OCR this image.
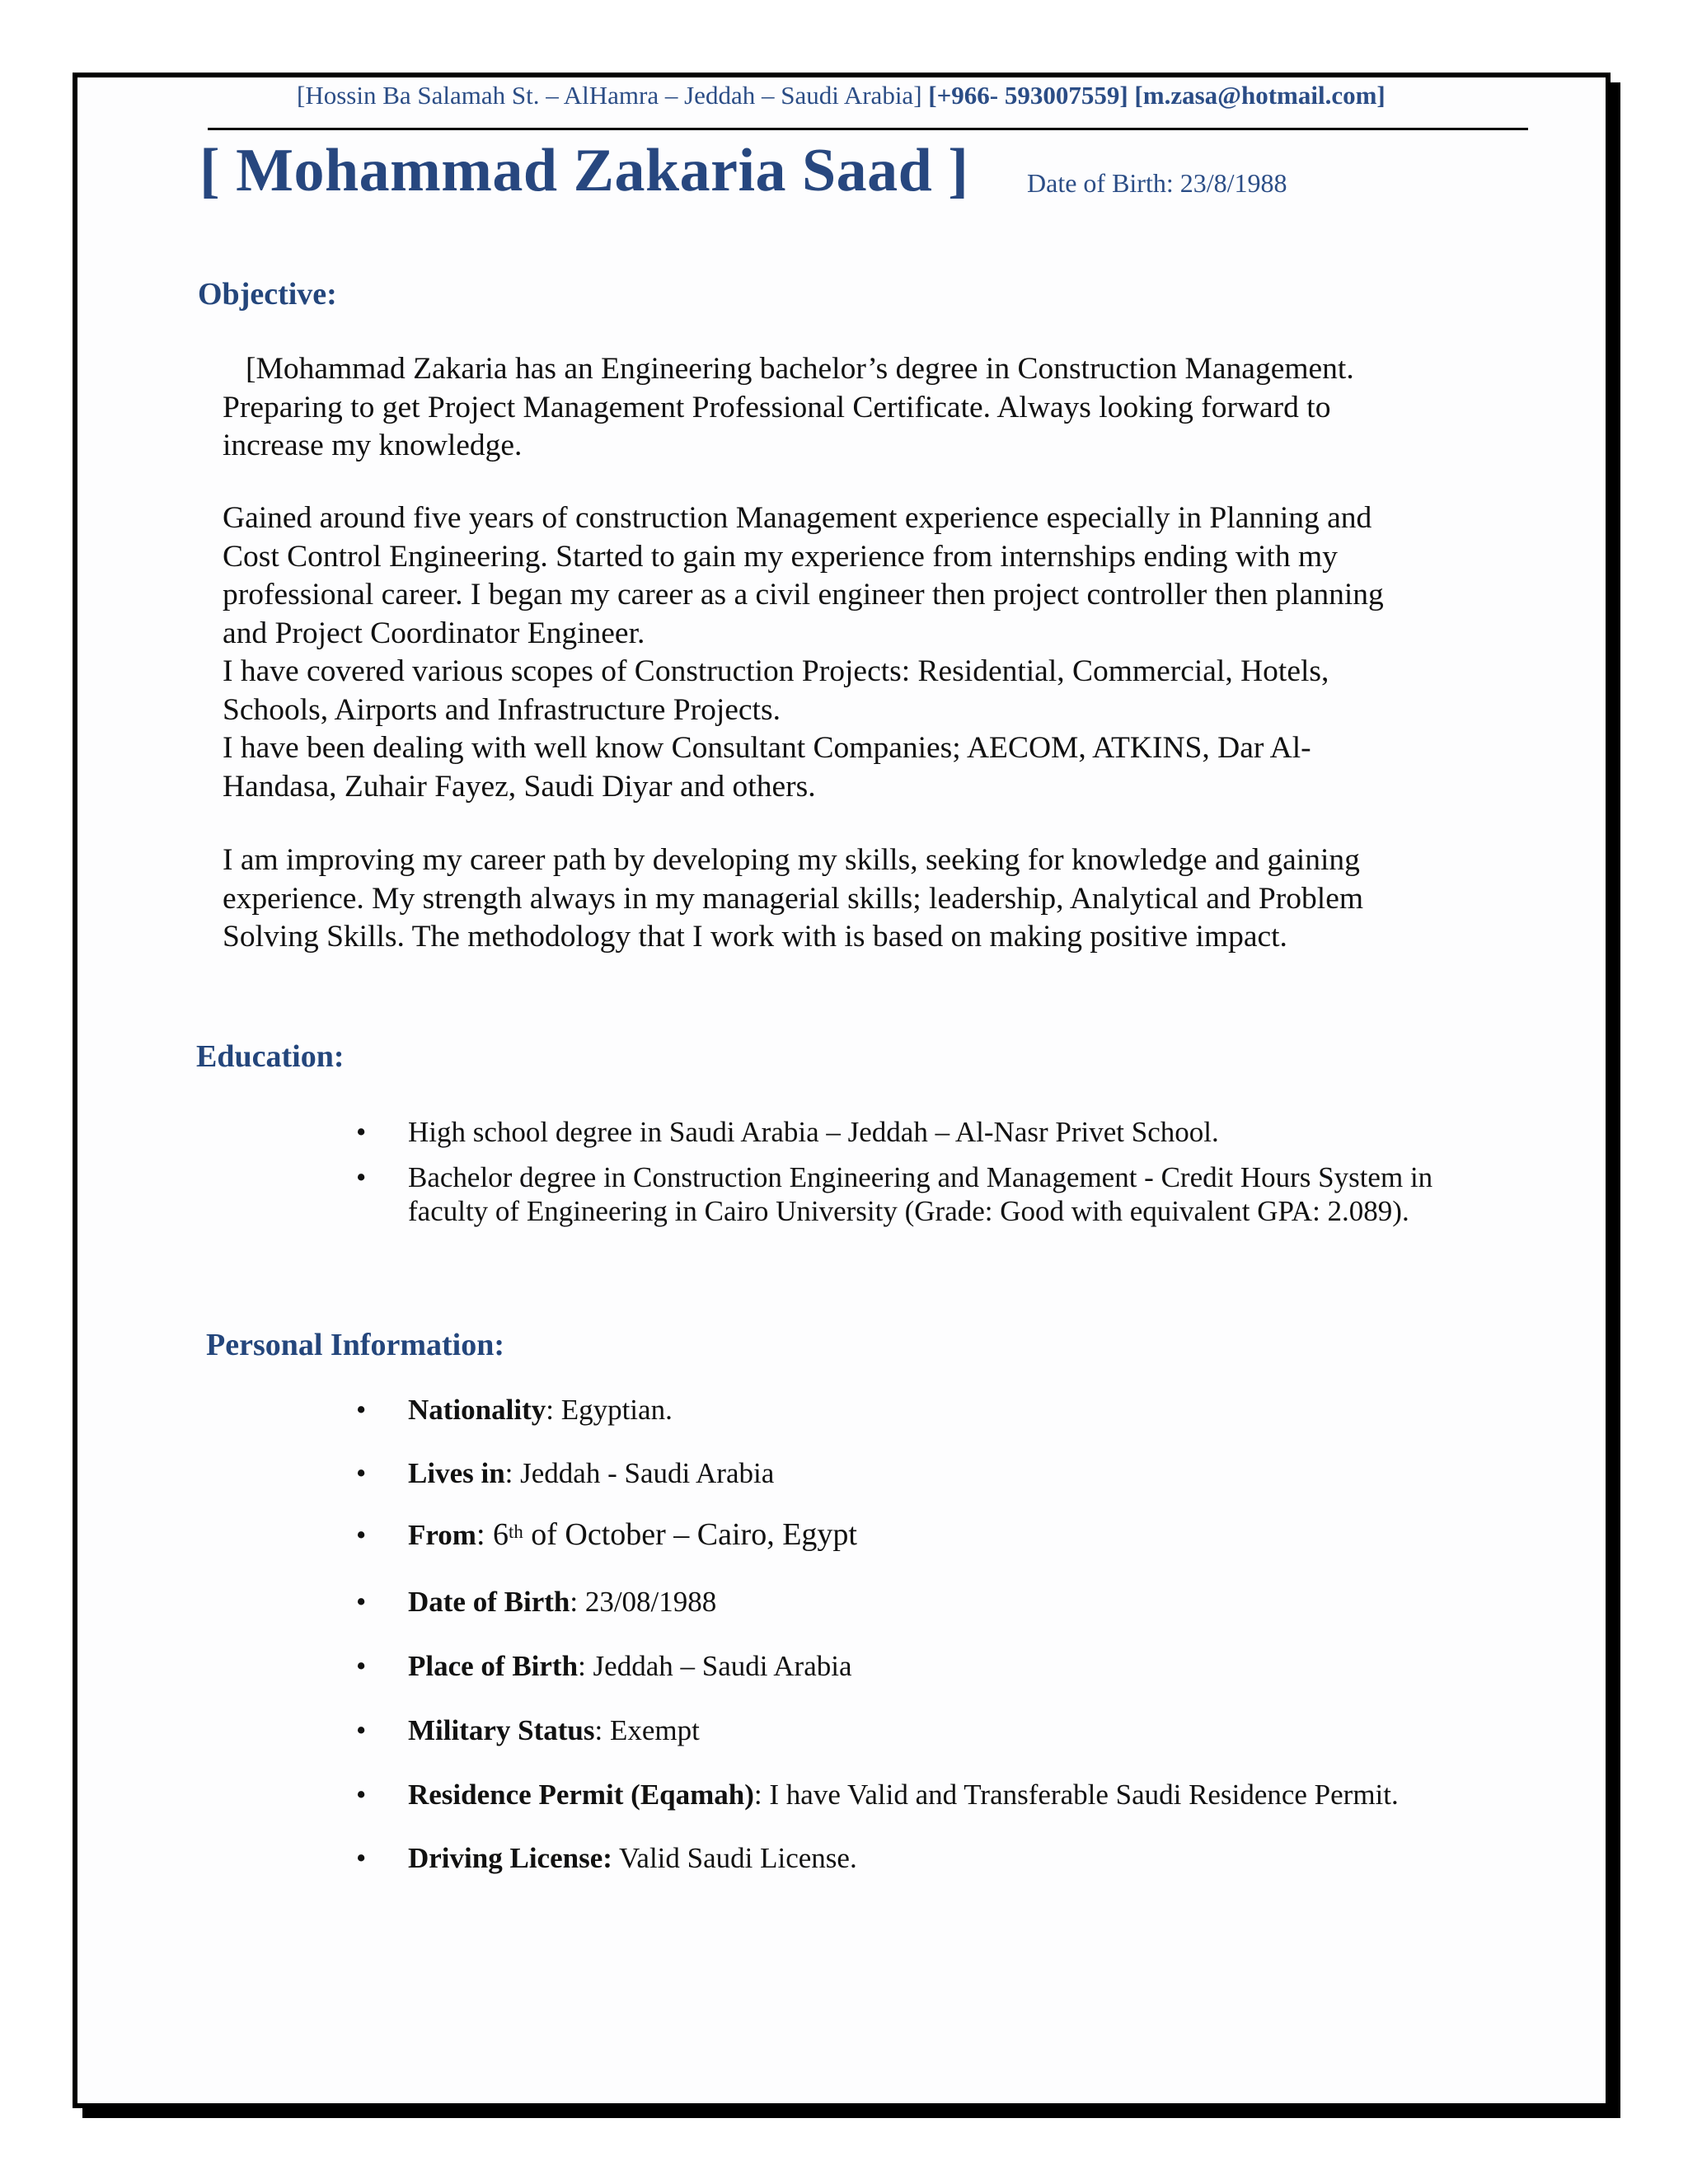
[Hossin Ba Salamah St. – AlHamra – Jeddah – Saudi Arabia] [+966- 593007559] [m.zasa@hotmail.com]
[ Mohammad Zakaria Saad ] Date of Birth: 23/8/1988
Objective:
[Mohammad Zakaria has an Engineering bachelor’s degree in Construction Management.
Preparing to get Project Management Professional Certificate. Always looking forward to
increase my knowledge.
Gained around five years of construction Management experience especially in Planning and
Cost Control Engineering. Started to gain my experience from internships ending with my
professional career. I began my career as a civil engineer then project controller then planning
and Project Coordinator Engineer.
I have covered various scopes of Construction Projects: Residential, Commercial, Hotels,
Schools, Airports and Infrastructure Projects.
I have been dealing with well know Consultant Companies; AECOM, ATKINS, Dar Al-
Handasa, Zuhair Fayez, Saudi Diyar and others.
I am improving my career path by developing my skills, seeking for knowledge and gaining
experience. My strength always in my managerial skills; leadership, Analytical and Problem
Solving Skills. The methodology that I work with is based on making positive impact.
Education:
• High school degree in Saudi Arabia – Jeddah – Al-Nasr Privet School.
• Bachelor degree in Construction Engineering and Management - Credit Hours System in
faculty of Engineering in Cairo University (Grade: Good with equivalent GPA: 2.089).
Personal Information:
• Nationality: Egyptian.
• Lives in: Jeddah - Saudi Arabia
• From: 6th of October – Cairo, Egypt
• Date of Birth: 23/08/1988
• Place of Birth: Jeddah – Saudi Arabia
• Military Status: Exempt
• Residence Permit (Eqamah): I have Valid and Transferable Saudi Residence Permit.
• Driving License: Valid Saudi License.
